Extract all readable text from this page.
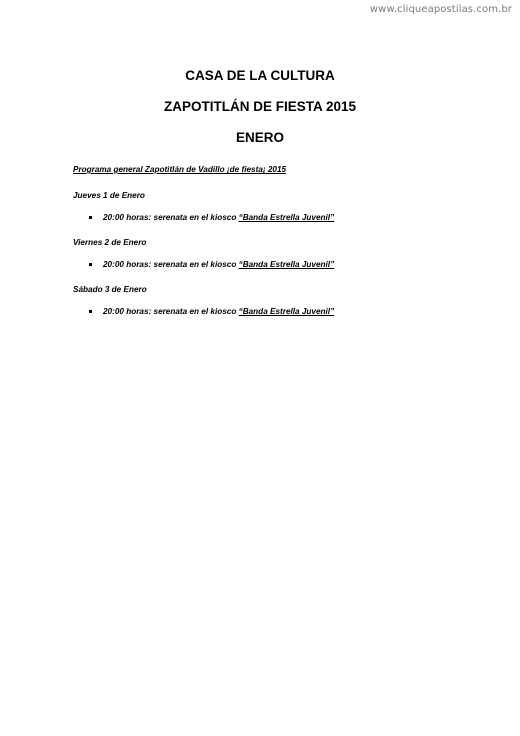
www.cliqueapostilas.com.br

CASA DE LA CULTURA

ZAPOTITLÁN DE FIESTA 2015

ENERO

Programa general Zapotitlán de Vadillo ¡de fiesta¡ 2015

Jueves 1 de Enero

20:00 horas: serenata en el kiosco “Banda Estrella Juvenil”

Viernes 2 de Enero

20:00 horas: serenata en el kiosco “Banda Estrella Juvenil”

Sábado 3 de Enero

20:00 horas: serenata en el kiosco “Banda Estrella Juvenil”
